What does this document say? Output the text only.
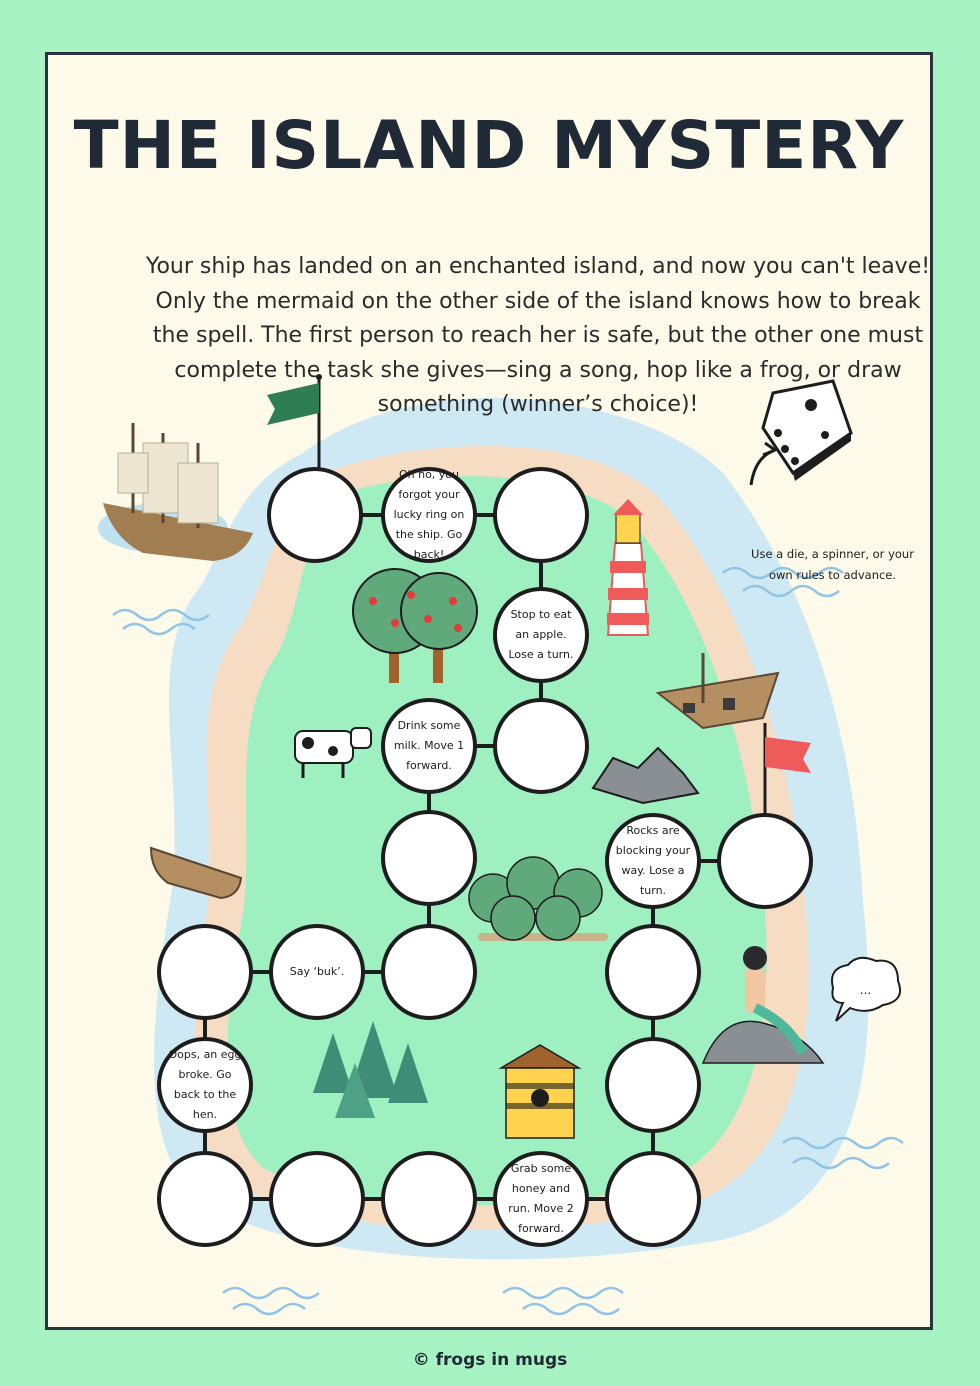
THE ISLAND MYSTERY
Your ship has landed on an enchanted island, and now you can't leave! Only the mermaid on the other side of the island knows how to break the spell. The first person to reach her is safe, but the other one must complete the task she gives—sing a song, hop like a frog, or draw something (winner’s choice)!
Use a die, a spinner, or your own rules to advance.
...
Oh no, you forgot your lucky ring on the ship. Go back!
Stop to eat an apple. Lose a turn.
Drink some milk. Move 1 forward.
Say ‘buk’.
Oops, an egg broke. Go back to the hen.
Grab some honey and run. Move 2 forward.
Rocks are blocking your way. Lose a turn.
© frogs in mugs
